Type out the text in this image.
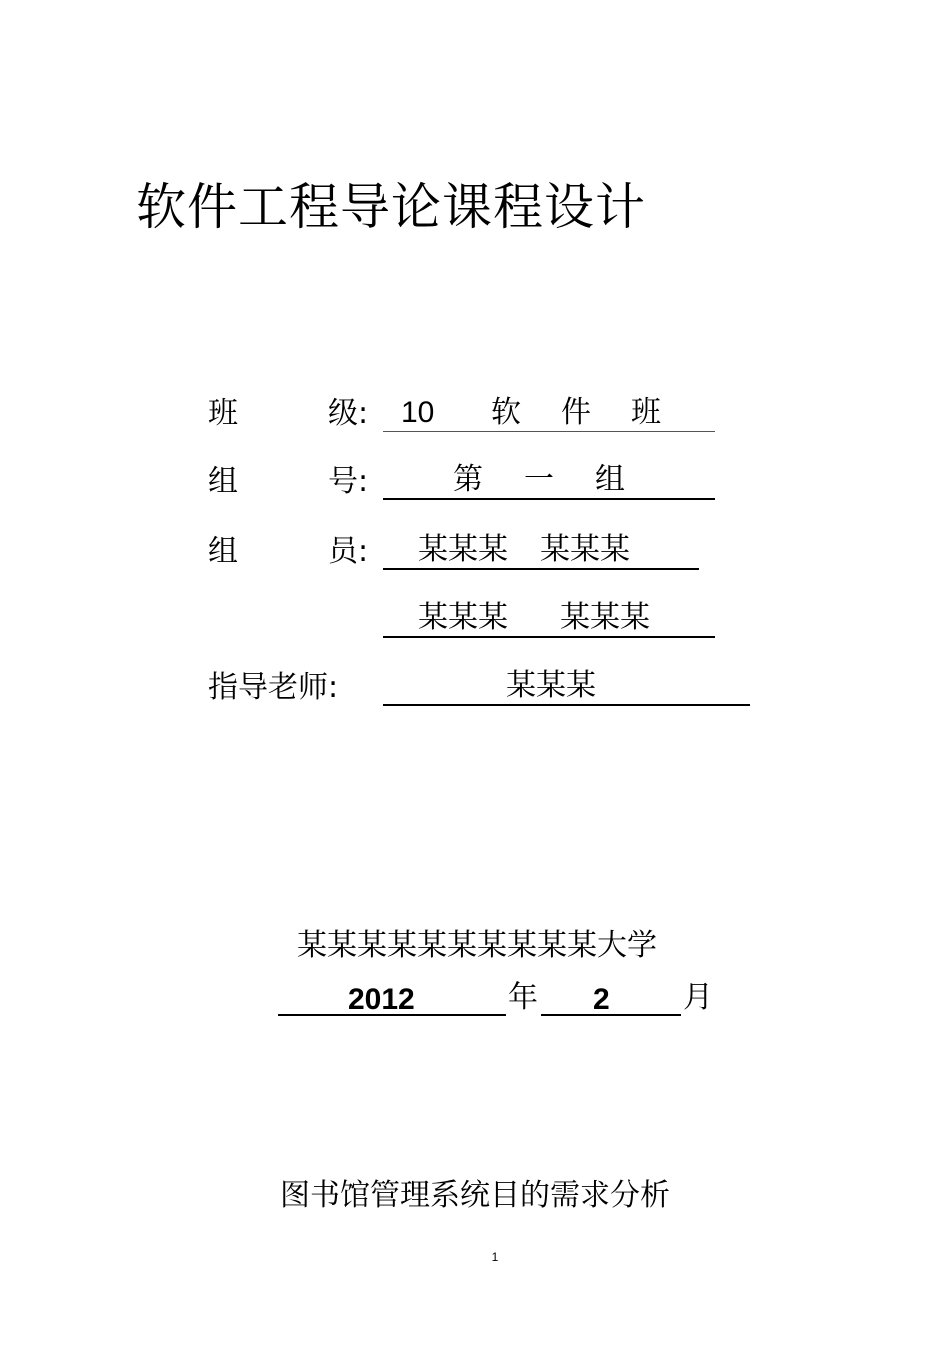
软件工程导论课程设计
班级: 10 软 件 班
组号:	第 一 组
组员: 某某某 某某某
某某某 某某某
指导老师:	某某某
某某某某某某某某某某大学
2012	年 2 月
图书馆管理系统目的需求分析
1
